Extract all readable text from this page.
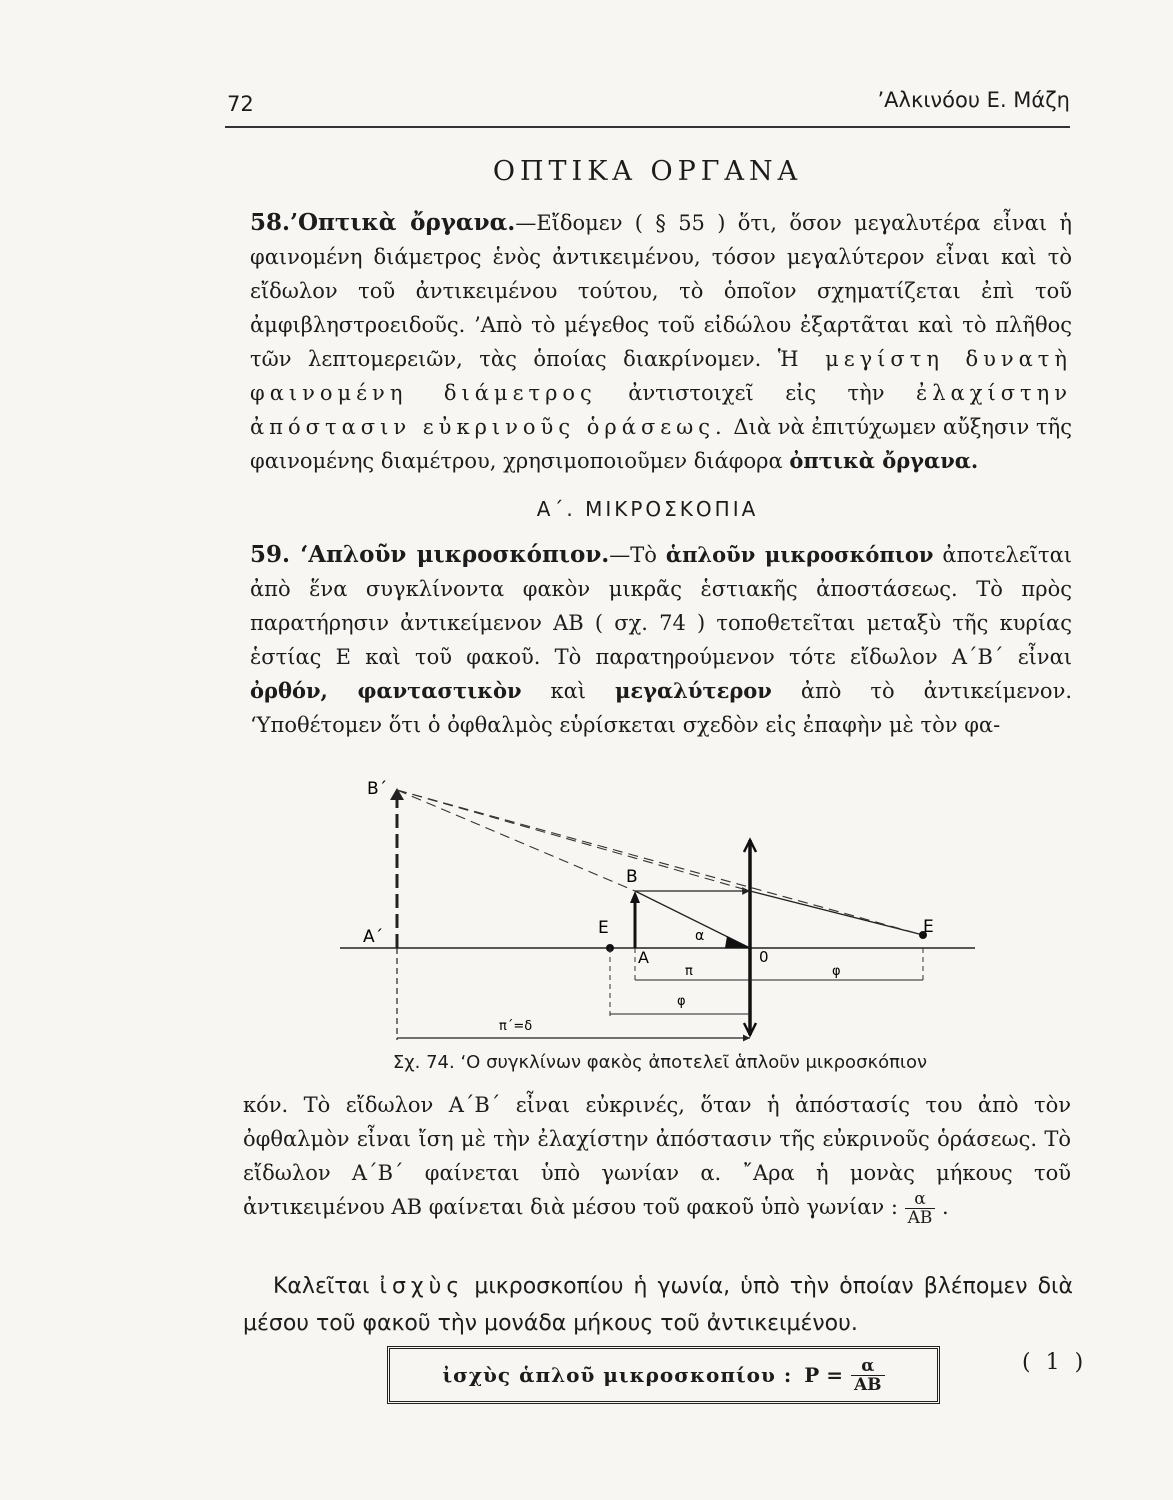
72	’Αλκινόου Ε. Μάζη
ΟΠΤΙΚΑ ΟΡΓΑΝΑ

58.’Οπτικὰ ὄργανα.—Εἴδομεν ( § 55 ) ὅτι, ὅσον μεγαλυτέρα εἶναι ἡ φαινομένη διάμετρος ἑνὸς ἀντικειμένου, τόσον μεγαλύτερον εἶναι καὶ τὸ εἴδωλον τοῦ ἀντικειμένου τούτου, τὸ ὁποῖον σχηματίζεται ἐπὶ τοῦ ἀμφιβληστροειδοῦς. ’Απὸ τὸ μέγεθος τοῦ εἰδώλου ἐξαρτᾶται καὶ τὸ πλῆθος τῶν λεπτομερειῶν, τὰς ὁποίας διακρίνομεν. Ἡ μεγίστη δυνατὴ φαινομένη διάμετρος ἀντιστοιχεῖ εἰς τὴν ἐλαχίστην ἀπόστασιν εὐκρινοῦς ὁράσεως. Διὰ νὰ ἐπιτύχωμεν αὔξησιν τῆς φαινομένης διαμέτρου, χρησιμοποιοῦμεν διάφορα ὀπτικὰ ὄργανα.

Α΄. ΜΙΚΡΟΣΚΟΠΙΑ

59. ‘Απλοῦν μικροσκόπιον.—Τὸ ἁπλοῦν μικροσκόπιον ἀποτελεῖται ἀπὸ ἕνα συγκλίνοντα φακὸν μικρᾶς ἑστιακῆς ἀποστάσεως. Τὸ πρὸς παρατήρησιν ἀντικείμενον ΑΒ ( σχ. 74 ) τοποθετεῖται μεταξὺ τῆς κυρίας ἑστίας Ε καὶ τοῦ φακοῦ. Τὸ παρατηρούμενον τότε εἴδωλον Α΄Β΄ εἶναι ὀρθόν, φανταστικὸν καὶ μεγαλύτερον ἀπὸ τὸ ἀντικείμενον. ‘Υποθέτομεν ὅτι ὁ ὀφθαλμὸς εὑρίσκεται σχεδὸν εἰς ἐπαφὴν μὲ τὸν φα-

B΄
B
A΄
A
E	E
0
α
π	φ
φ
π΄=δ
Σχ. 74. ‘Ο συγκλίνων φακὸς ἀποτελεῖ ἁπλοῦν μικροσκόπιον

κόν. Τὸ εἴδωλον Α΄Β΄ εἶναι εὐκρινές, ὅταν ἡ ἀπόστασίς του ἀπὸ τὸν ὀφθαλμὸν εἶναι ἴση μὲ τὴν ἐλαχίστην ἀπόστασιν τῆς εὐκρινοῦς ὁράσεως. Τὸ εἴδωλον Α΄Β΄ φαίνεται ὑπὸ γωνίαν α. ῎Αρα ἡ μονὰς μήκους τοῦ ἀντικειμένου ΑΒ φαίνεται διὰ μέσου τοῦ φακοῦ ὑπὸ γωνίαν : $\frac{\alpha}{AB}$ .

Καλεῖται ἰσχὺς μικροσκοπίου ἡ γωνία, ὑπὸ τὴν ὁποίαν βλέπομεν διὰ μέσου τοῦ φακοῦ τὴν μονάδα μήκους τοῦ ἀντικειμένου.

ἰσχὺς ἁπλοῦ μικροσκοπίου : $P = \frac{\alpha}{AB}$	( 1 )
